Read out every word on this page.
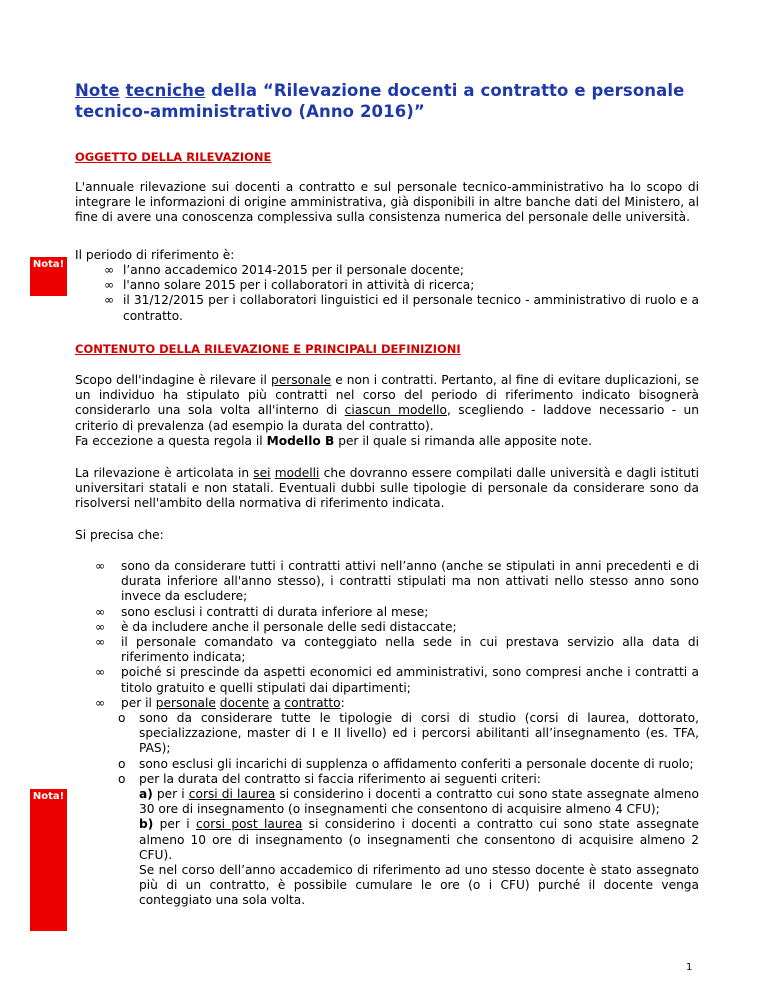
Note tecniche della “Rilevazione docenti a contratto e personale
tecnico-amministrativo (Anno 2016)”
OGGETTO DELLA RILEVAZIONE
L'annuale rilevazione sui docenti a contratto e sul personale tecnico-amministrativo ha lo scopo di integrare le informazioni di origine amministrativa, già disponibili in altre banche dati del Ministero, al fine di avere una conoscenza complessiva sulla consistenza numerica del personale delle università.
Nota!
Il periodo di riferimento è:
∞ l’anno accademico 2014-2015 per il personale docente;
∞ l'anno solare 2015 per i collaboratori in attività di ricerca;
∞ il 31/12/2015 per i collaboratori linguistici ed il personale tecnico - amministrativo di ruolo e a contratto.
CONTENUTO DELLA RILEVAZIONE E PRINCIPALI DEFINIZIONI
Scopo dell'indagine è rilevare il personale e non i contratti. Pertanto, al fine di evitare duplicazioni, se un individuo ha stipulato più contratti nel corso del periodo di riferimento indicato bisognerà considerarlo una sola volta all'interno di ciascun modello, scegliendo - laddove necessario - un criterio di prevalenza (ad esempio la durata del contratto).
Fa eccezione a questa regola il Modello B per il quale si rimanda alle apposite note.
La rilevazione è articolata in sei modelli che dovranno essere compilati dalle università e dagli istituti universitari statali e non statali. Eventuali dubbi sulle tipologie di personale da considerare sono da risolversi nell'ambito della normativa di riferimento indicata.
Si precisa che:
∞ sono da considerare tutti i contratti attivi nell’anno (anche se stipulati in anni precedenti e di durata inferiore all'anno stesso), i contratti stipulati ma non attivati nello stesso anno sono invece da escludere;
∞ sono esclusi i contratti di durata inferiore al mese;
∞ è da includere anche il personale delle sedi distaccate;
∞ il personale comandato va conteggiato nella sede in cui prestava servizio alla data di riferimento indicata;
∞ poiché si prescinde da aspetti economici ed amministrativi, sono compresi anche i contratti a titolo gratuito e quelli stipulati dai dipartimenti;
∞ per il personale docente a contratto:
o sono da considerare tutte le tipologie di corsi di studio (corsi di laurea, dottorato, specializzazione, master di I e II livello) ed i percorsi abilitanti all’insegnamento (es. TFA, PAS);
o sono esclusi gli incarichi di supplenza o affidamento conferiti a personale docente di ruolo;
o per la durata del contratto si faccia riferimento ai seguenti criteri:
a) per i corsi di laurea si considerino i docenti a contratto cui sono state assegnate almeno 30 ore di insegnamento (o insegnamenti che consentono di acquisire almeno 4 CFU);
b) per i corsi post laurea si considerino i docenti a contratto cui sono state assegnate almeno 10 ore di insegnamento (o insegnamenti che consentono di acquisire almeno 2 CFU).
Se nel corso dell’anno accademico di riferimento ad uno stesso docente è stato assegnato più di un contratto, è possibile cumulare le ore (o i CFU) purché il docente venga conteggiato una sola volta.
Nota!
1
